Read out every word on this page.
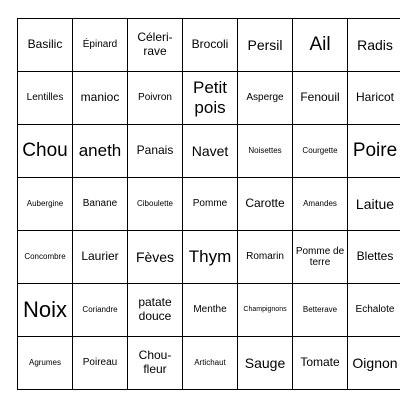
Basilic	Épinard	Céleri-rave	Brocoli	Persil	Ail	Radis
Lentilles	manioc	Poivron	Petit pois	Asperge	Fenouil	Haricot
Chou	aneth	Panais	Navet	Noisettes	Courgette	Poire
Aubergine	Banane	Ciboulette	Pomme	Carotte	Amandes	Laitue
Concombre	Laurier	Fèves	Thym	Romarin	Pomme de terre	Blettes
Noix	Coriandre	patate douce	Menthe	Champignons	Betterave	Echalote
Agrumes	Poireau	Chou-fleur	Artichaut	Sauge	Tomate	Oignon
